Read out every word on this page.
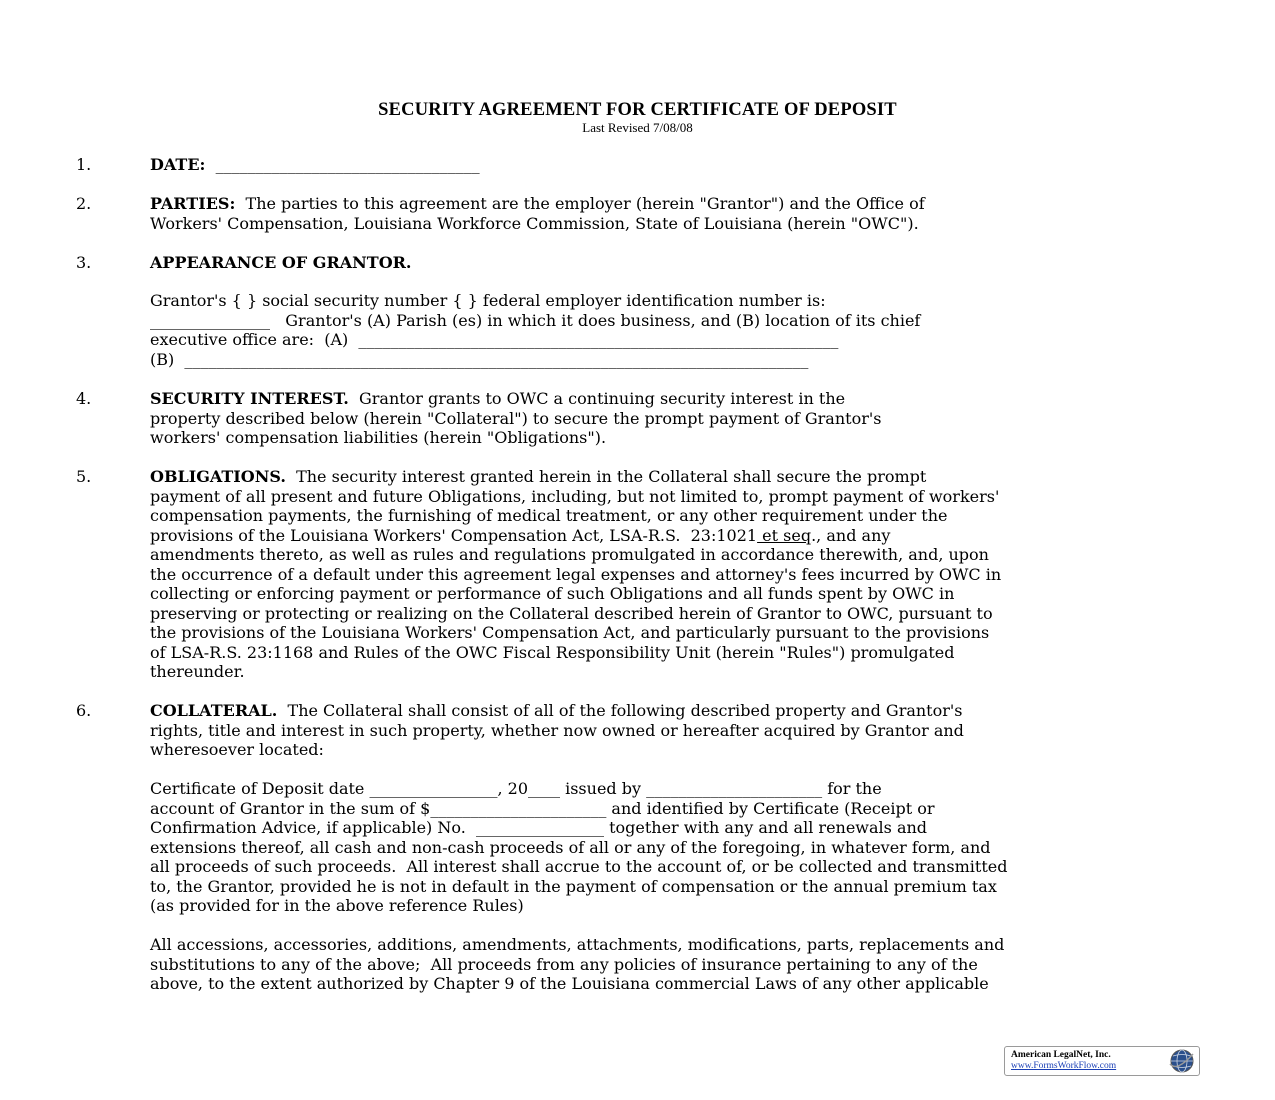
SECURITY AGREEMENT FOR CERTIFICATE OF DEPOSIT
Last Revised 7/08/08
1.	DATE:  _________________________________
2.	PARTIES:  The parties to this agreement are the employer (herein "Grantor") and the Office of
Workers' Compensation, Louisiana Workforce Commission, State of Louisiana (herein "OWC").
3.	APPEARANCE OF GRANTOR.
Grantor's { } social security number { } federal employer identification number is:
_______________   Grantor's (A) Parish (es) in which it does business, and (B) location of its chief
executive office are:  (A)  ____________________________________________________________
(B)  ______________________________________________________________________________
4.	SECURITY INTEREST.  Grantor grants to OWC a continuing security interest in the
property described below (herein "Collateral") to secure the prompt payment of Grantor's
workers' compensation liabilities (herein "Obligations").
5.	OBLIGATIONS.  The security interest granted herein in the Collateral shall secure the prompt
payment of all present and future Obligations, including, but not limited to, prompt payment of workers'
compensation payments, the furnishing of medical treatment, or any other requirement under the
provisions of the Louisiana Workers' Compensation Act, LSA-R.S.  23:1021 et seq., and any
amendments thereto, as well as rules and regulations promulgated in accordance therewith, and, upon
the occurrence of a default under this agreement legal expenses and attorney's fees incurred by OWC in
collecting or enforcing payment or performance of such Obligations and all funds spent by OWC in
preserving or protecting or realizing on the Collateral described herein of Grantor to OWC, pursuant to
the provisions of the Louisiana Workers' Compensation Act, and particularly pursuant to the provisions
of LSA-R.S. 23:1168 and Rules of the OWC Fiscal Responsibility Unit (herein "Rules") promulgated
thereunder.
6.	COLLATERAL.  The Collateral shall consist of all of the following described property and Grantor's
rights, title and interest in such property, whether now owned or hereafter acquired by Grantor and
wheresoever located:
Certificate of Deposit date ________________, 20____ issued by ______________________ for the
account of Grantor in the sum of $______________________ and identified by Certificate (Receipt or
Confirmation Advice, if applicable) No.  ________________ together with any and all renewals and
extensions thereof, all cash and non-cash proceeds of all or any of the foregoing, in whatever form, and
all proceeds of such proceeds.  All interest shall accrue to the account of, or be collected and transmitted
to, the Grantor, provided he is not in default in the payment of compensation or the annual premium tax
(as provided for in the above reference Rules)
All accessions, accessories, additions, amendments, attachments, modifications, parts, replacements and
substitutions to any of the above;  All proceeds from any policies of insurance pertaining to any of the
above, to the extent authorized by Chapter 9 of the Louisiana commercial Laws of any other applicable
American LegalNet, Inc.
www.FormsWorkFlow.com
